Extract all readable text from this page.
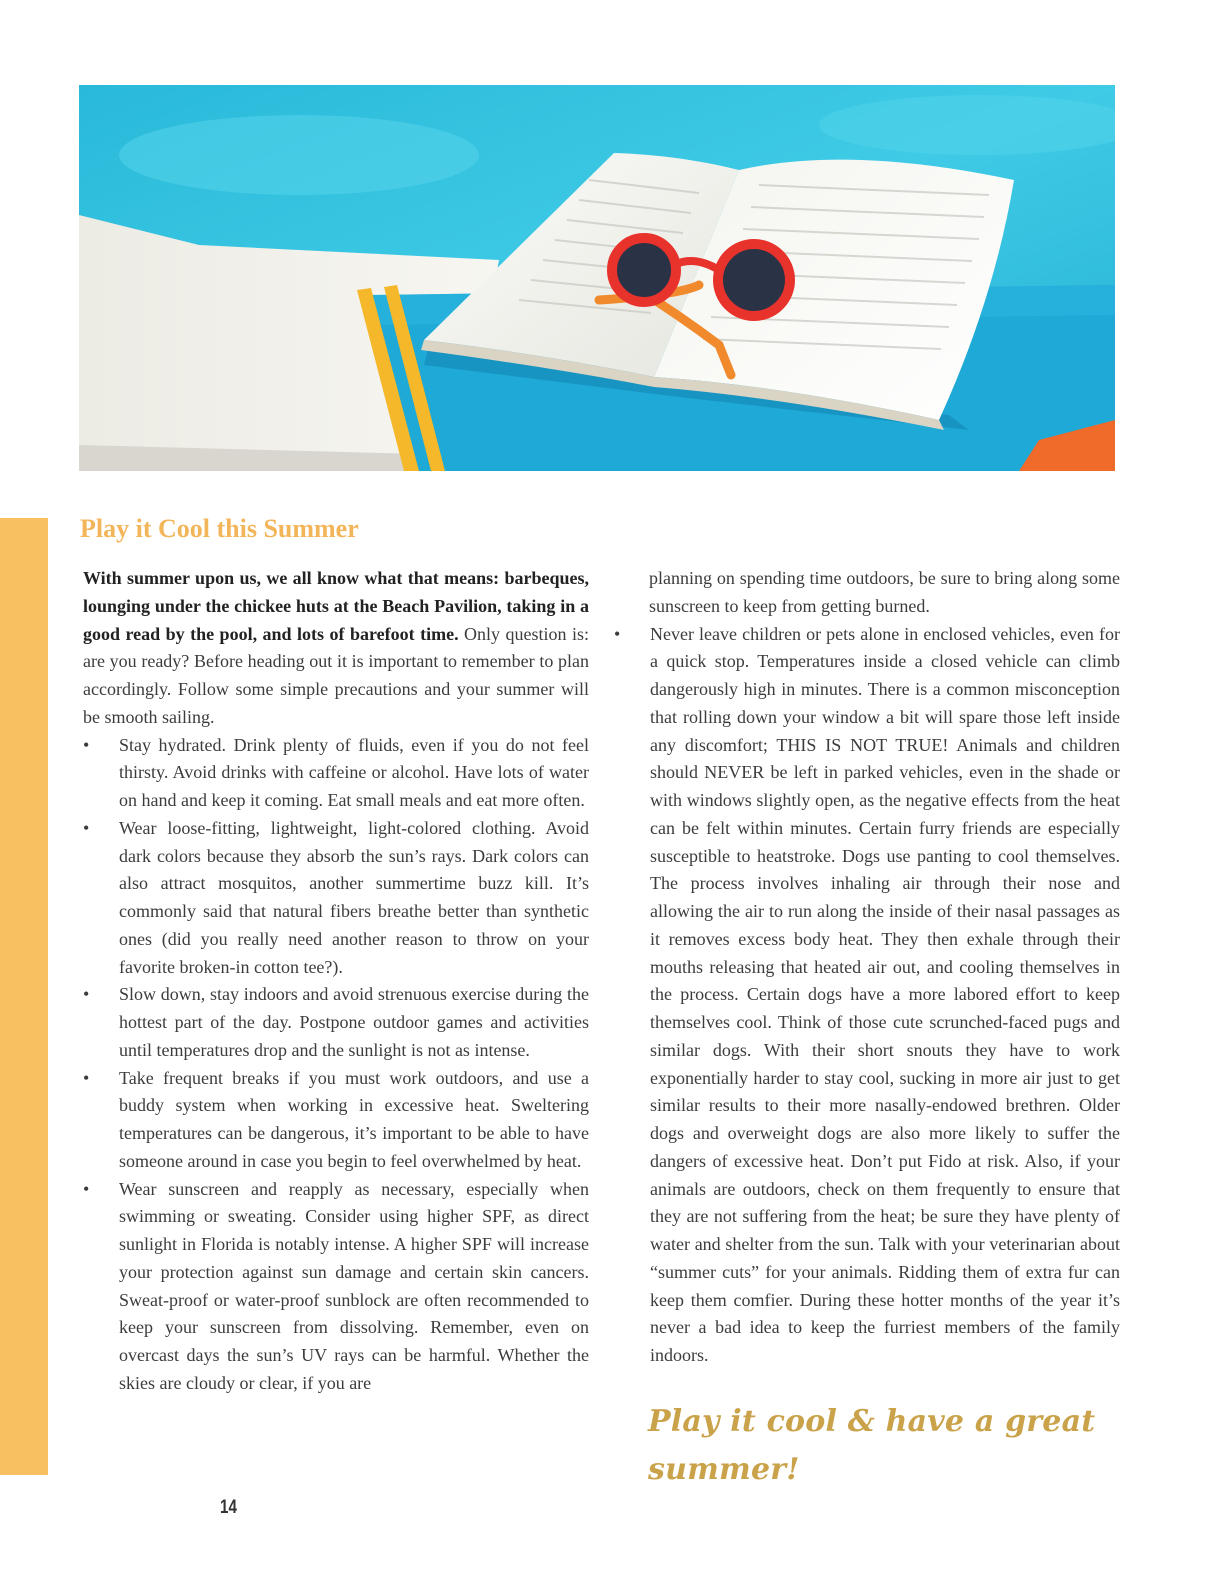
Play it Cool this Summer

With summer upon us, we all know what that means: barbeques, lounging under the chickee huts at the Beach Pavilion, taking in a good read by the pool, and lots of barefoot time. Only question is: are you ready? Before heading out it is important to remember to plan accordingly. Follow some simple precautions and your summer will be smooth sailing.

• Stay hydrated. Drink plenty of fluids, even if you do not feel thirsty. Avoid drinks with caffeine or alcohol. Have lots of water on hand and keep it coming. Eat small meals and eat more often.
• Wear loose-fitting, lightweight, light-colored clothing. Avoid dark colors because they absorb the sun’s rays. Dark colors can also attract mosquitos, another summertime buzz kill. It’s commonly said that natural fibers breathe better than synthetic ones (did you really need another reason to throw on your favorite broken-in cotton tee?).
• Slow down, stay indoors and avoid strenuous exercise during the hottest part of the day. Postpone outdoor games and activities until temperatures drop and the sunlight is not as intense.
• Take frequent breaks if you must work outdoors, and use a buddy system when working in excessive heat. Sweltering temperatures can be dangerous, it’s important to be able to have someone around in case you begin to feel overwhelmed by heat.
• Wear sunscreen and reapply as necessary, especially when swimming or sweating. Consider using higher SPF, as direct sunlight in Florida is notably intense. A higher SPF will increase your protection against sun damage and certain skin cancers. Sweat-proof or water-proof sunblock are often recommended to keep your sunscreen from dissolving. Remember, even on overcast days the sun’s UV rays can be harmful. Whether the skies are cloudy or clear, if you are

planning on spending time outdoors, be sure to bring along some sunscreen to keep from getting burned.

• Never leave children or pets alone in enclosed vehicles, even for a quick stop. Temperatures inside a closed vehicle can climb dangerously high in minutes. There is a common misconception that rolling down your window a bit will spare those left inside any discomfort; THIS IS NOT TRUE! Animals and children should NEVER be left in parked vehicles, even in the shade or with windows slightly open, as the negative effects from the heat can be felt within minutes. Certain furry friends are especially susceptible to heatstroke. Dogs use panting to cool themselves. The process involves inhaling air through their nose and allowing the air to run along the inside of their nasal passages as it removes excess body heat. They then exhale through their mouths releasing that heated air out, and cooling themselves in the process. Certain dogs have a more labored effort to keep themselves cool. Think of those cute scrunched-faced pugs and similar dogs. With their short snouts they have to work exponentially harder to stay cool, sucking in more air just to get similar results to their more nasally-endowed brethren. Older dogs and overweight dogs are also more likely to suffer the dangers of excessive heat. Don’t put Fido at risk. Also, if your animals are outdoors, check on them frequently to ensure that they are not suffering from the heat; be sure they have plenty of water and shelter from the sun. Talk with your veterinarian about “summer cuts” for your animals. Ridding them of extra fur can keep them comfier. During these hotter months of the year it’s never a bad idea to keep the furriest members of the family indoors.
Play it cool & have a great summer!
14
